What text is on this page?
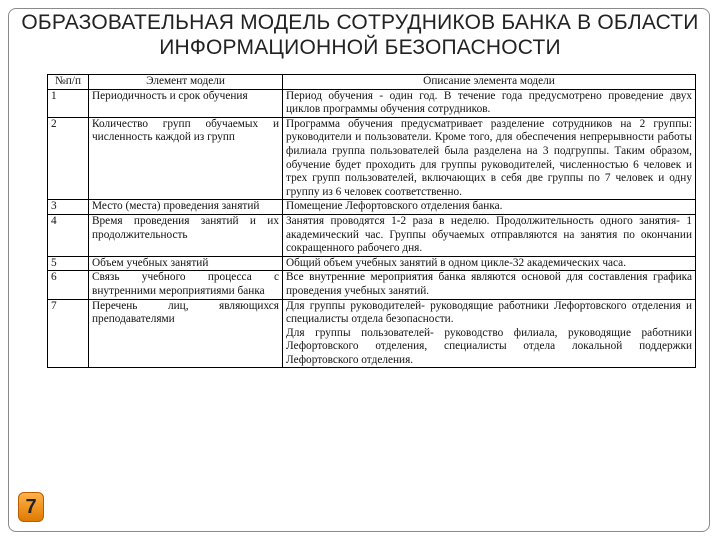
ОБРАЗОВАТЕЛЬНАЯ МОДЕЛЬ СОТРУДНИКОВ БАНКА В ОБЛАСТИ ИНФОРМАЦИОННОЙ БЕЗОПАСНОСТИ
№п/п	Элемент модели	Описание элемента модели
1	Периодичность и срок обучения	Период обучения - один год. В течение года предусмотрено проведение двух циклов программы обучения сотрудников.
2	Количество групп обучаемых и численность каждой из групп	Программа обучения предусматривает разделение сотрудников на 2 группы: руководители и пользователи. Кроме того, для обеспечения непрерывности работы филиала группа пользователей была разделена на 3 подгруппы. Таким образом, обучение будет проходить для группы руководителей, численностью 6 человек и трех групп пользователей, включающих в себя две группы по 7 человек и одну группу из 6 человек соответственно.
3	Место (места) проведения занятий	Помещение Лефортовского отделения банка.
4	Время проведения занятий и их продолжительность	Занятия проводятся 1-2 раза в неделю. Продолжительность одного занятия- 1 академический час. Группы обучаемых отправляются на занятия по окончании сокращенного рабочего дня.
5	Объем учебных занятий	Общий объем учебных занятий в одном цикле-32 академических часа.
6	Связь учебного процесса с внутренними мероприятиями банка	Все внутренние мероприятия банка являются основой для составления графика проведения учебных занятий.
7	Перечень лиц, являющихся преподавателями	Для группы руководителей- руководящие работники Лефортовского отделения и специалисты отдела безопасности.
Для группы пользователей- руководство филиала, руководящие работники Лефортовского отделения, специалисты отдела локальной поддержки Лефортовского отделения.
7
